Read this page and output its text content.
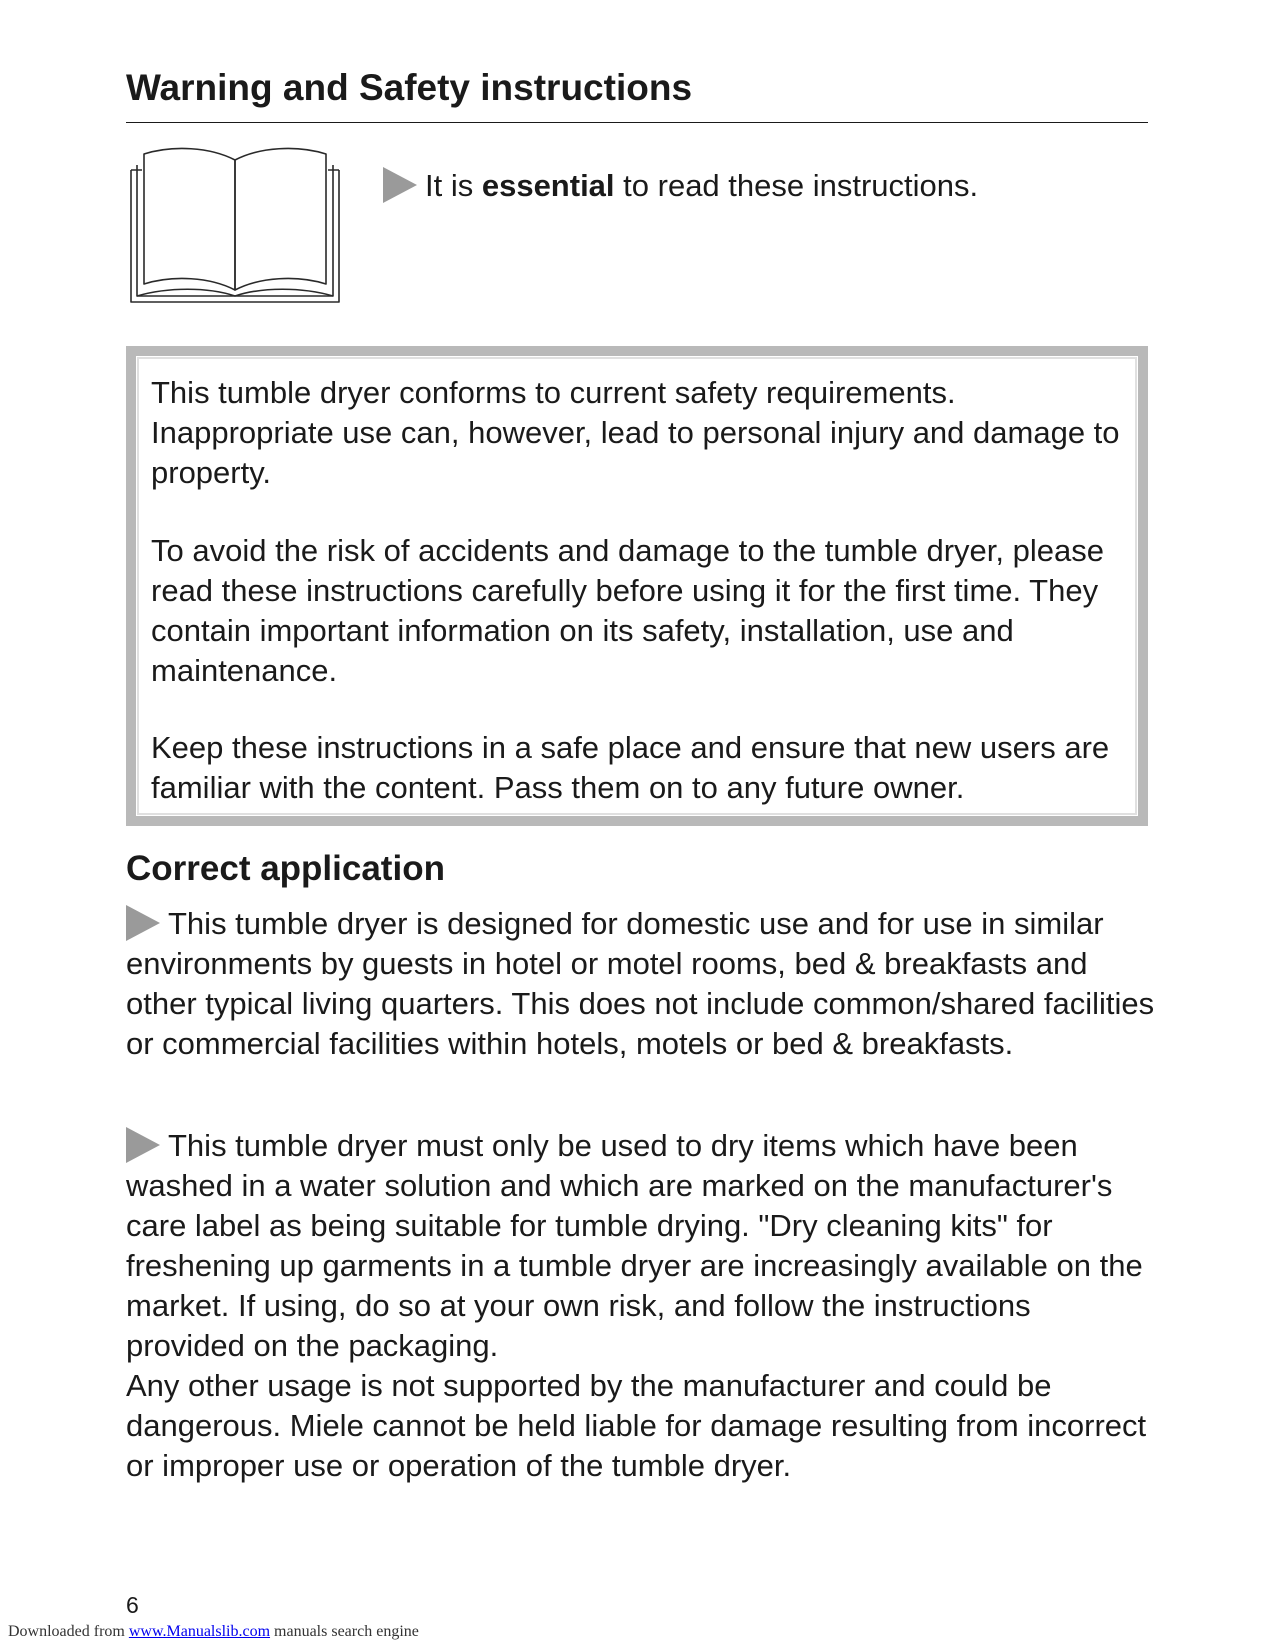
Warning and Safety instructions
It is essential to read these instructions.

This tumble dryer conforms to current safety requirements. Inappropriate use can, however, lead to personal injury and damage to property.

To avoid the risk of accidents and damage to the tumble dryer, please read these instructions carefully before using it for the first time. They contain important information on its safety, installation, use and maintenance.

Keep these instructions in a safe place and ensure that new users are familiar with the content. Pass them on to any future owner.

Correct application

This tumble dryer is designed for domestic use and for use in similar environments by guests in hotel or motel rooms, bed & breakfasts and other typical living quarters. This does not include common/shared facilities or commercial facilities within hotels, motels or bed & breakfasts.

This tumble dryer must only be used to dry items which have been washed in a water solution and which are marked on the manufacturer's care label as being suitable for tumble drying. "Dry cleaning kits" for freshening up garments in a tumble dryer are increasingly available on the market. If using, do so at your own risk, and follow the instructions provided on the packaging.

Any other usage is not supported by the manufacturer and could be dangerous. Miele cannot be held liable for damage resulting from incorrect or improper use or operation of the tumble dryer.

6
Downloaded from www.Manualslib.com manuals search engine
